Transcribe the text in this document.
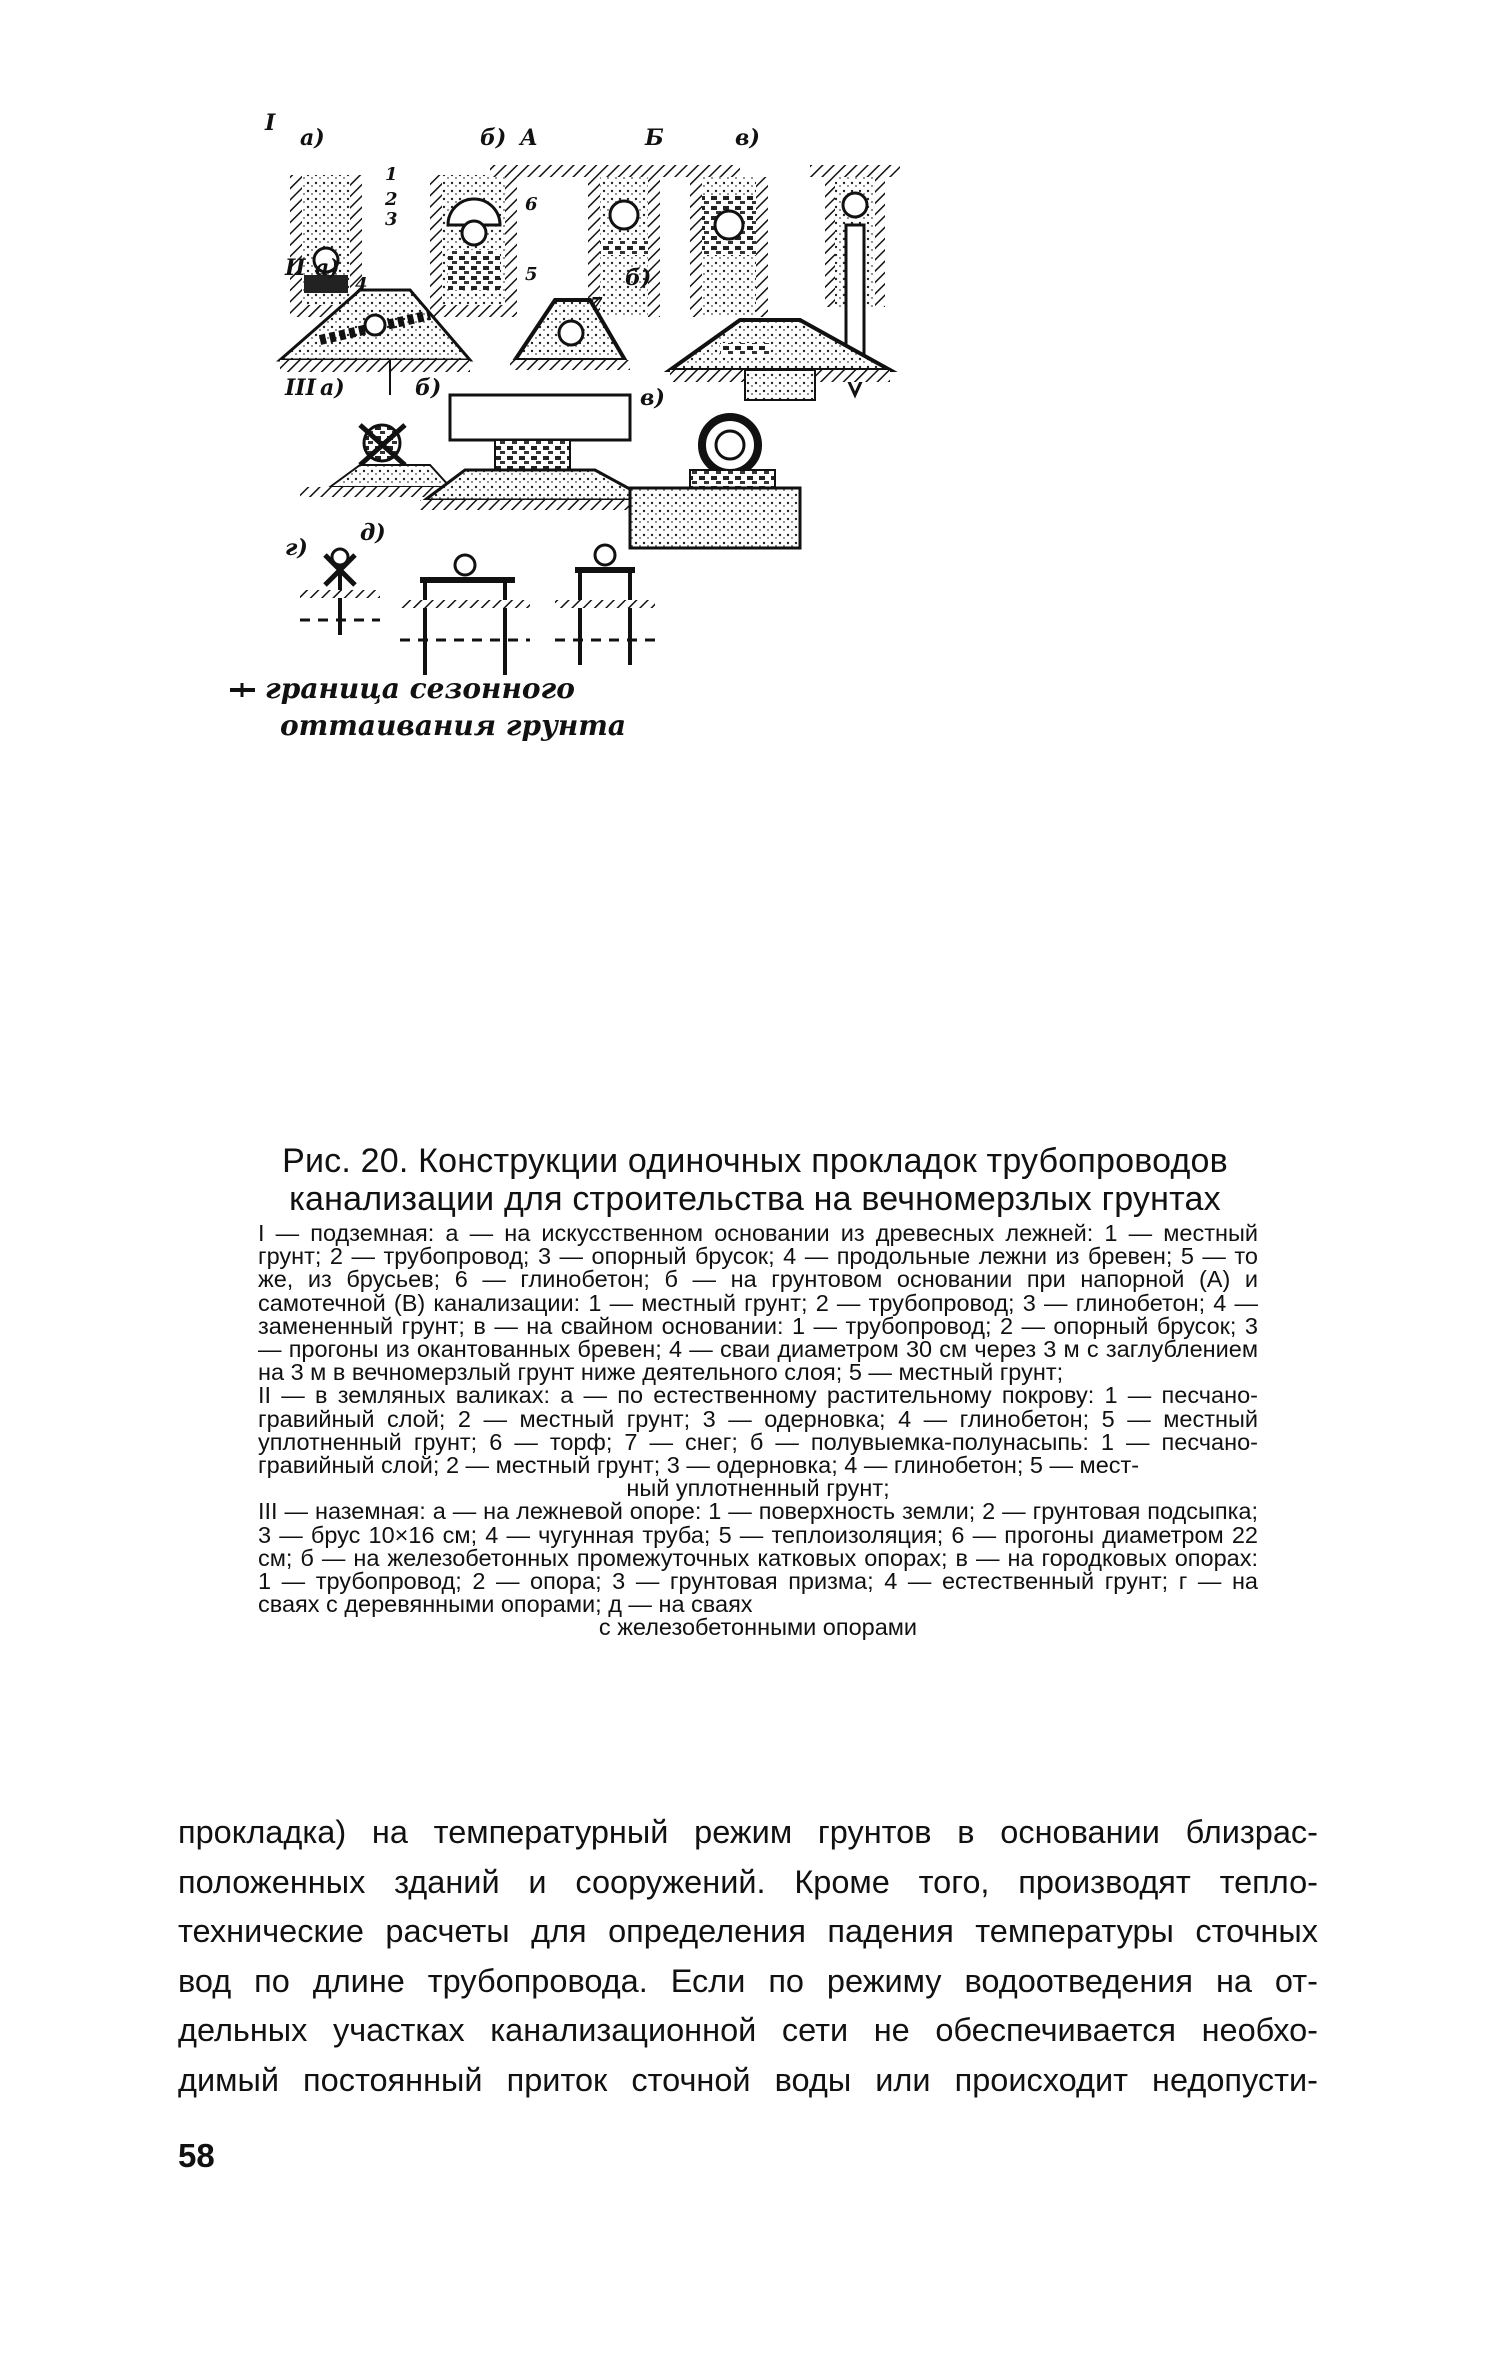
I
а)	б) А	Б	в)
II а)	б)
III а)	б)	в)
г)
д)
1
2
3
4	5
6
7
граница сезонного
оттаивания грунта
Рис. 20. Конструкции одиночных прокладок трубопроводов
канализации для строительства на вечномерзлых грунтах

I — подземная: а — на искусственном основании из древесных лежней: 1 — местный грунт; 2 — трубопровод; 3 — опорный брусок; 4 — продольные лежни из бревен; 5 — то же, из брусьев; 6 — глинобетон; б — на грунтовом основании при напорной (А) и самотечной (В) канализации: 1 — местный грунт; 2 — трубопровод; 3 — глинобетон; 4 — замененный грунт; в — на свайном основании: 1 — трубопровод; 2 — опорный брусок; 3 — прогоны из окантованных бревен; 4 — сваи диаметром 30 см через 3 м с заглублением на 3 м в вечномерзлый грунт ниже деятельного слоя; 5 — местный грунт;

II — в земляных валиках: а — по естественному растительному покрову: 1 — песчано-гравийный слой; 2 — местный грунт; 3 — одерновка; 4 — глинобетон; 5 — местный уплотненный грунт; 6 — торф; 7 — снег; б — полувыемка-полунасыпь: 1 — песчано-гравийный слой; 2 — местный грунт; 3 — одерновка; 4 — глинобетон; 5 — мест-

ный уплотненный грунт;

III — наземная: а — на лежневой опоре: 1 — поверхность земли; 2 — грунтовая подсыпка; 3 — брус 10×16 см; 4 — чугунная труба; 5 — теплоизоляция; 6 — прогоны диаметром 22 см; б — на железобетонных промежуточных катковых опорах; в — на городковых опорах: 1 — трубопровод; 2 — опора; 3 — грунтовая призма; 4 — естественный грунт; г — на сваях с деревянными опорами; д — на сваях

с железобетонными опорами

прокладка) на температурный режим грунтов в основании близрас-
положенных зданий и сооружений. Кроме того, производят тепло-
технические расчеты для определения падения температуры сточных
вод по длине трубопровода. Если по режиму водоотведения на от-
дельных участках канализационной сети не обеспечивается необхо-
димый постоянный приток сточной воды или происходит недопусти-
58
